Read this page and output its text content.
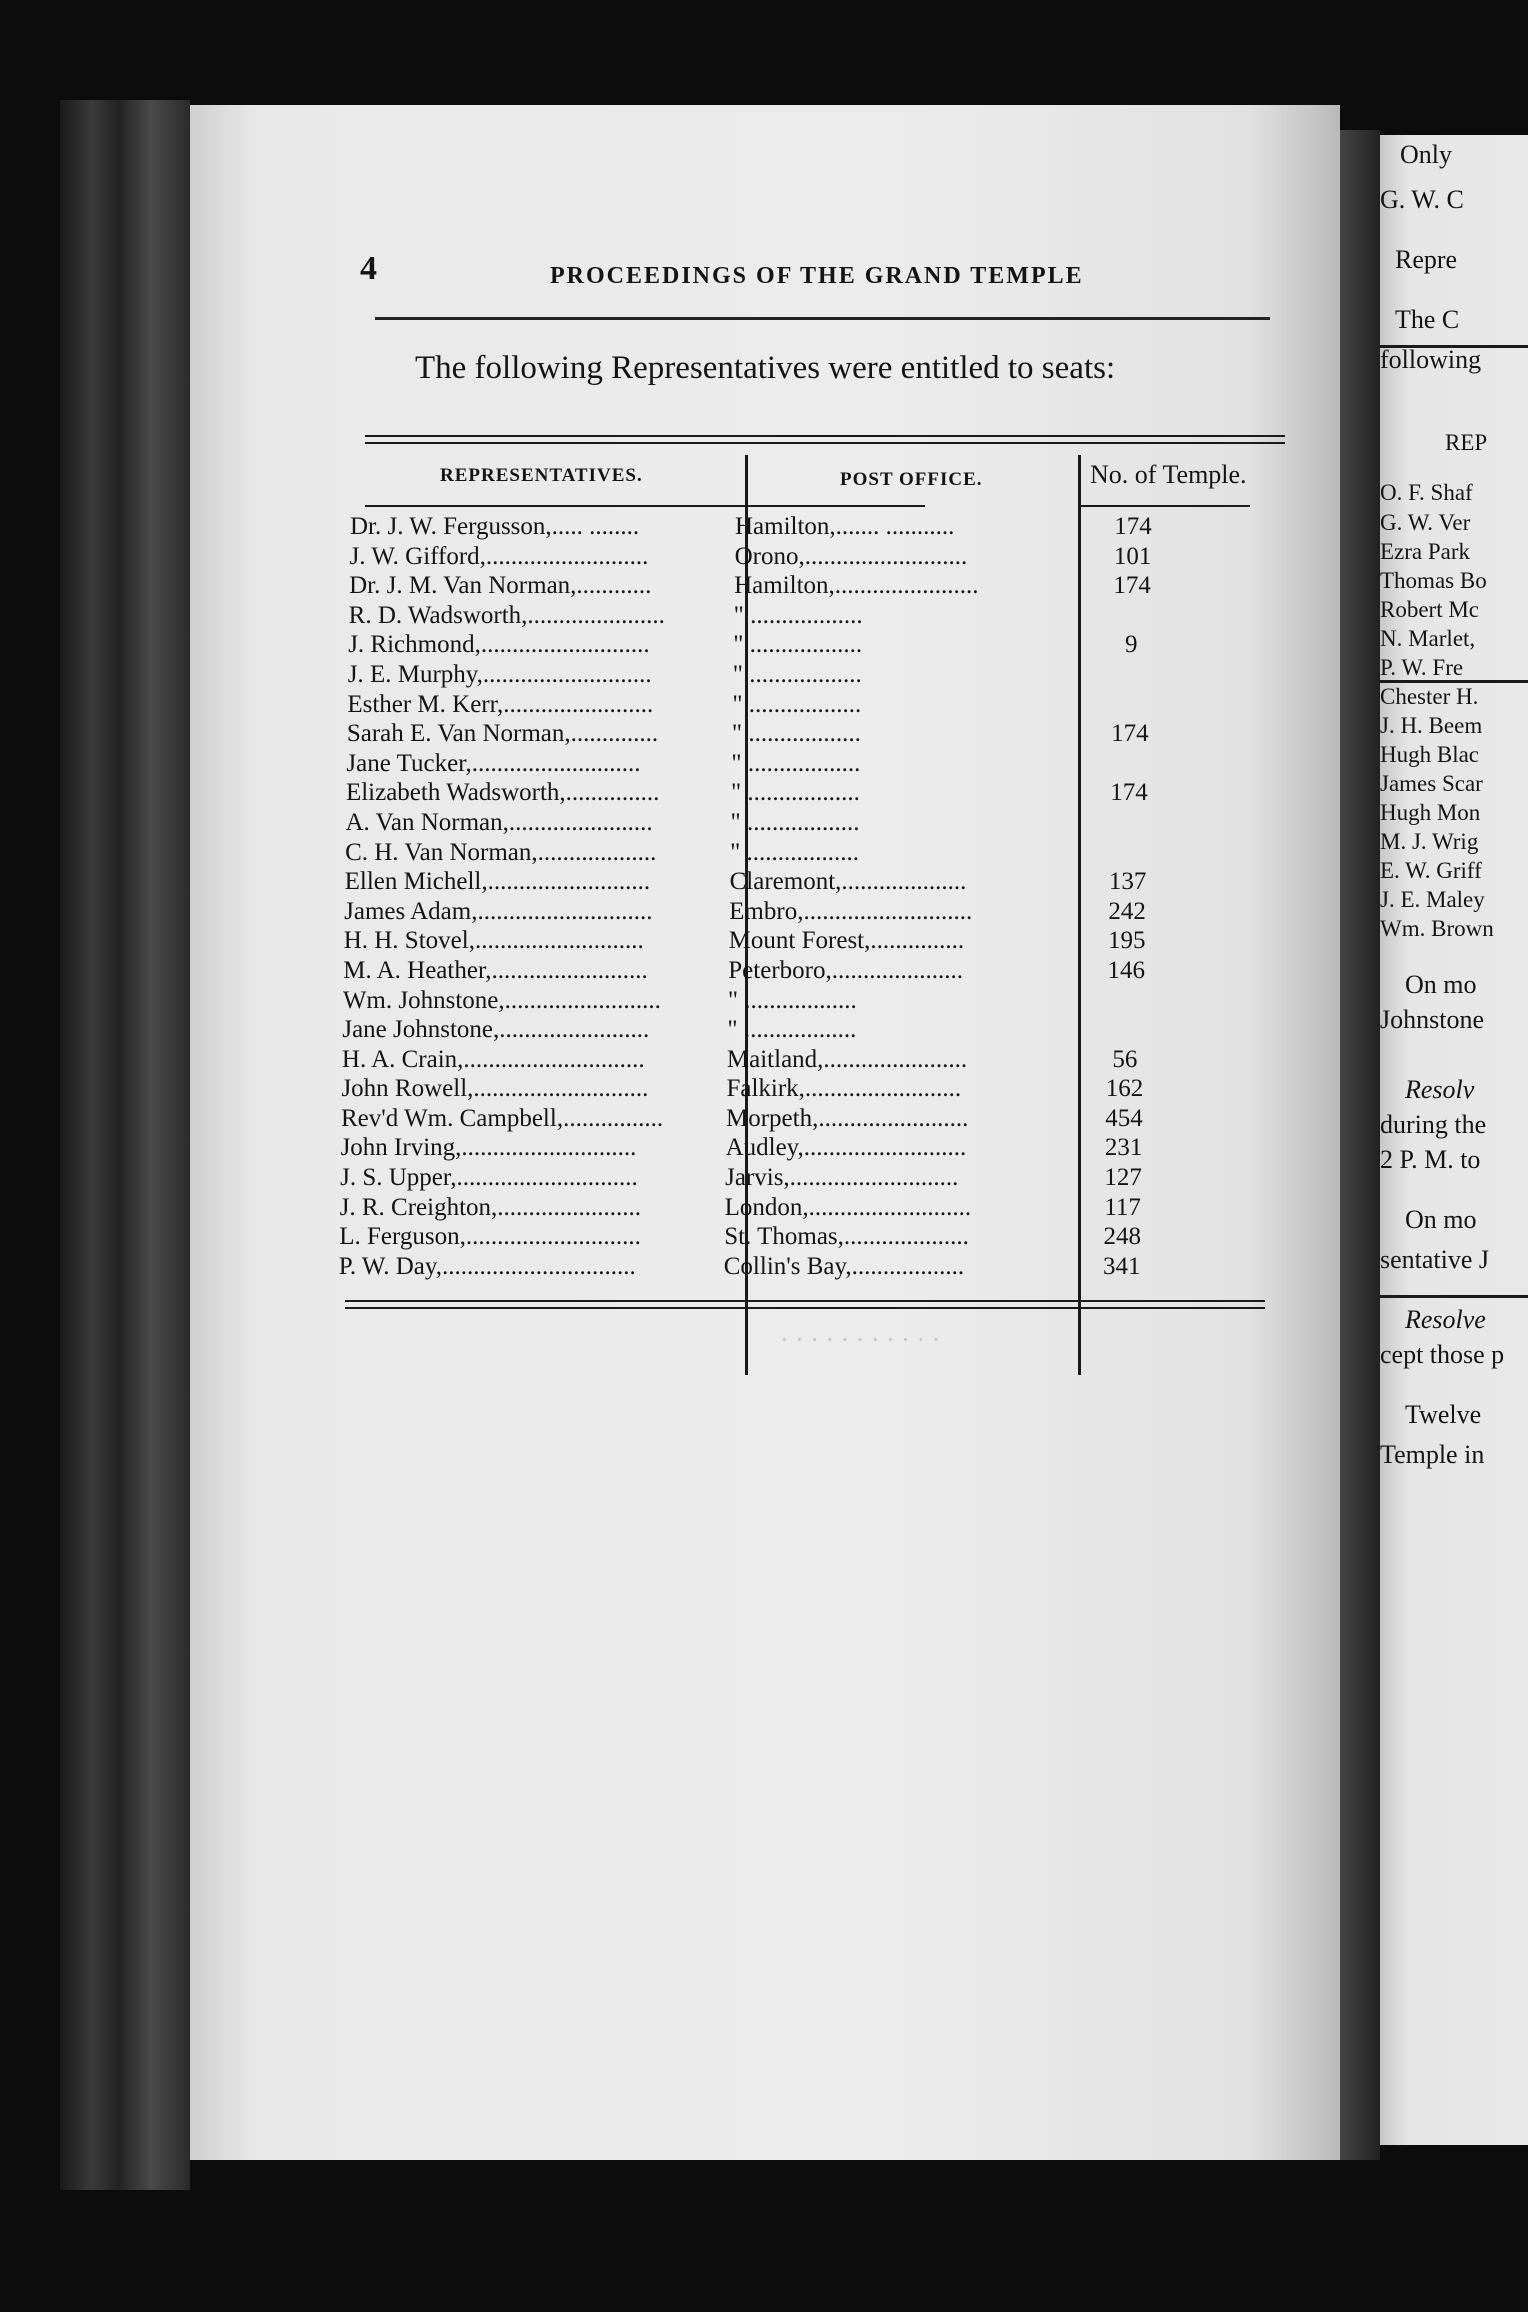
4	PROCEEDINGS OF THE GRAND TEMPLE
The following Representatives were entitled to seats:
REPRESENTATIVES.	POST OFFICE.	No. of Temple.
Dr. J. W. Fergusson,..... ........	Hamilton,....... ...........	174
J. W. Gifford,..........................	Orono,..........................	101
Dr. J. M. Van Norman,............	Hamilton,.......................	174
R. D. Wadsworth,......................	" ..................
J. Richmond,...........................	" ..................	9
J. E. Murphy,...........................	" ..................
Esther M. Kerr,........................	" ..................
Sarah E. Van Norman,..............	" ..................	174
Jane Tucker,...........................	" ..................
Elizabeth Wadsworth,...............	" ..................	174
A. Van Norman,.......................	" ..................
C. H. Van Norman,...................	" ..................
Ellen Michell,..........................	Claremont,....................	137
James Adam,............................	Embro,...........................	242
H. H. Stovel,...........................	Mount Forest,...............	195
M. A. Heather,.........................	Peterboro,.....................	146
Wm. Johnstone,.........................	" ..................
Jane Johnstone,........................	" ..................
H. A. Crain,.............................	Maitland,.......................	56
John Rowell,............................	Falkirk,.........................	162
Rev'd Wm. Campbell,................	Morpeth,........................	454
John Irving,............................	Audley,..........................	231
J. S. Upper,.............................	Jarvis,...........................	127
J. R. Creighton,.......................	London,..........................	117
L. Ferguson,............................	St. Thomas,....................	248
P. W. Day,...............................	Collin's Bay,..................	341
· · · · · · · · · · ·
Only
G. W. C
Repre
The C
following
REP
O. F. Shaf
G. W. Ver
Ezra Park
Thomas Bo
Robert Mc
N. Marlet,
P. W. Fre
Chester H.
J. H. Beem
Hugh Blac
James Scar
Hugh Mon
M. J. Wrig
E. W. Griff
J. E. Maley
Wm. Brown
On mo
Johnstone
Resolv
during the
2 P. M. to
On mo
sentative J
Resolve
cept those p
Twelve
Temple in
